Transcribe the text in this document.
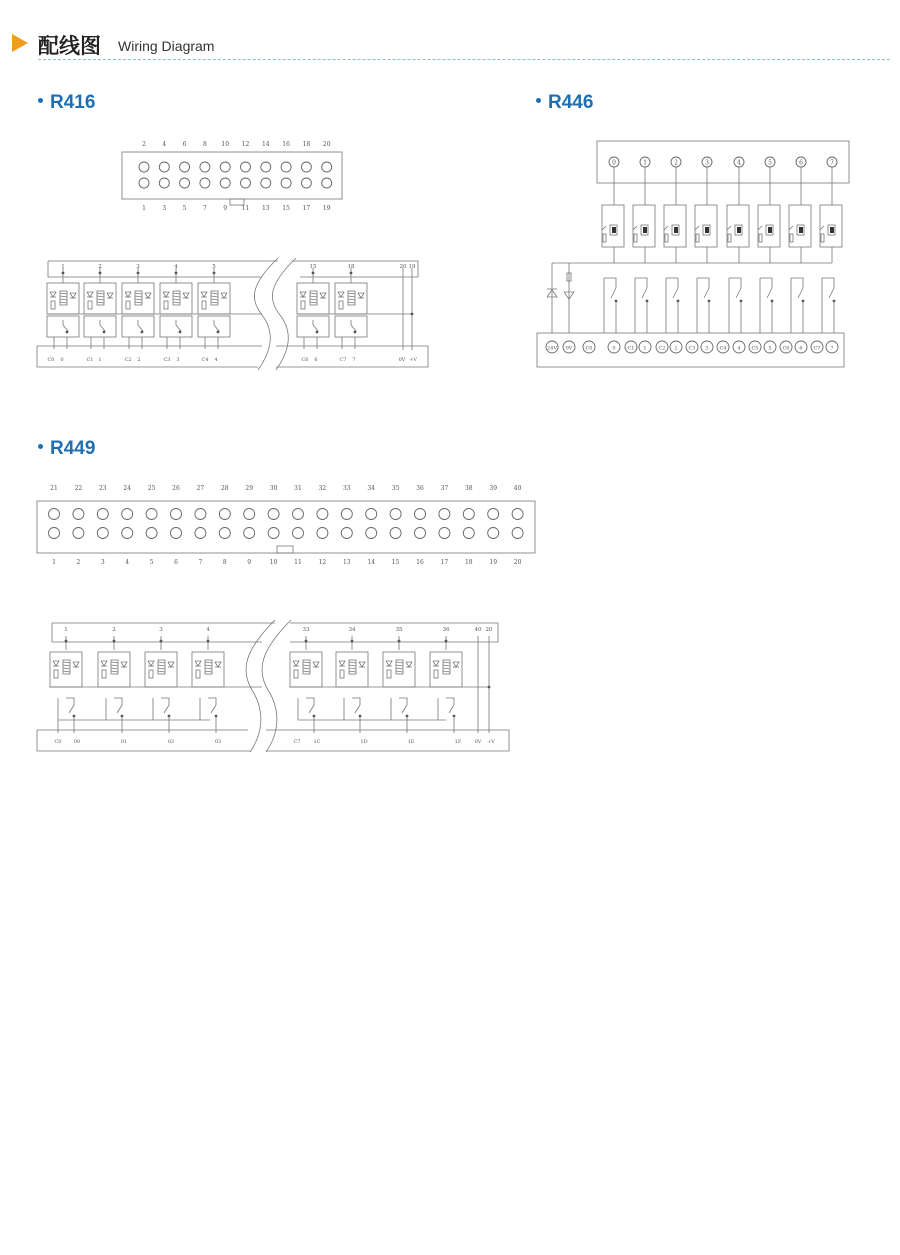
配线图 Wiring Diagram
R416	R446
R449
2
1
4
3
6
5
8
7
10
9
12
11
14
13
16
15
18
17
20
19
1	2	3	4	5	15	18	20 19
C0 0	C1 1	C2 2	C3 3	C4 4	C6 6	C7 7	0V +V
0	1	2	3	4	5	6	7
24V 0V	C0	0 C1 1 C2 2 C3 3 C4 4 C5 5 C6 6 C7 7
21
1
22
2
23
3
24
4
25
5
26
6
27
7
28
8
29
9
30
10
31
11
32
12
33
13
34
14
35
15
36
16
37
17
38
18
39
19
40
20
1	2	3	4	33	34	35	36	40 20
C0 00	01	02	03	C7	1C	1D	1E	1F	0V +V
